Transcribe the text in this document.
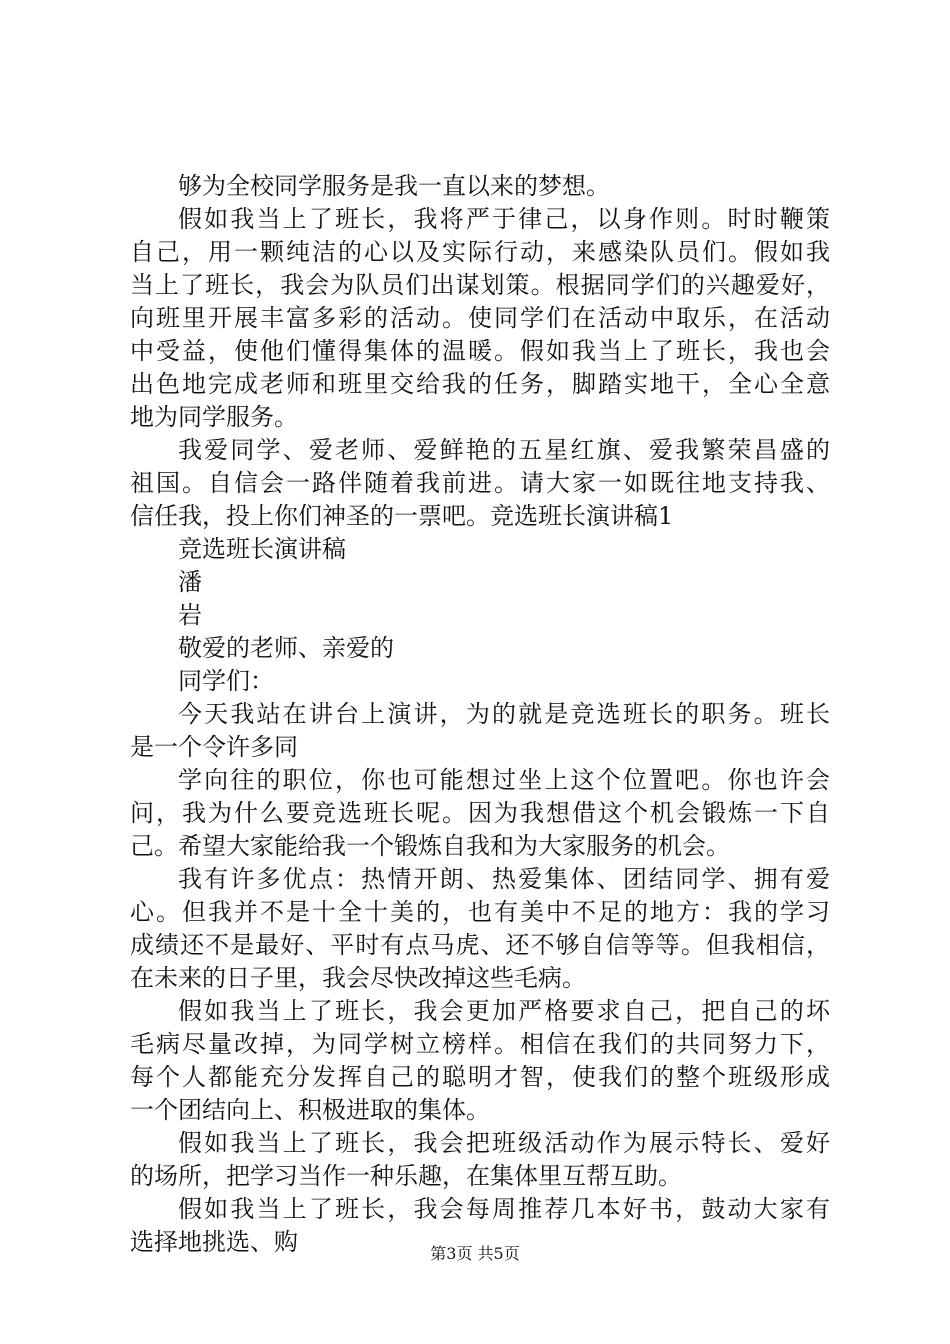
够为全校同学服务是我一直以来的梦想。
假如我当上了班长，我将严于律己，以身作则。时时鞭策
自己，用一颗纯洁的心以及实际行动，来感染队员们。假如我
当上了班长，我会为队员们出谋划策。根据同学们的兴趣爱好，
向班里开展丰富多彩的活动。使同学们在活动中取乐，在活动
中受益，使他们懂得集体的温暖。假如我当上了班长，我也会
出色地完成老师和班里交给我的任务，脚踏实地干，全心全意
地为同学服务。
我爱同学、爱老师、爱鲜艳的五星红旗、爱我繁荣昌盛的
祖国。自信会一路伴随着我前进。请大家一如既往地支持我、
信任我，投上你们神圣的一票吧。竞选班长演讲稿1
竞选班长演讲稿
潘
岩
敬爱的老师、亲爱的
同学们：
今天我站在讲台上演讲，为的就是竞选班长的职务。班长
是一个令许多同
学向往的职位，你也可能想过坐上这个位置吧。你也许会
问，我为什么要竞选班长呢。因为我想借这个机会锻炼一下自
己。希望大家能给我一个锻炼自我和为大家服务的机会。
我有许多优点：热情开朗、热爱集体、团结同学、拥有爱
心。但我并不是十全十美的，也有美中不足的地方：我的学习
成绩还不是最好、平时有点马虎、还不够自信等等。但我相信，
在未来的日子里，我会尽快改掉这些毛病。
假如我当上了班长，我会更加严格要求自己，把自己的坏
毛病尽量改掉，为同学树立榜样。相信在我们的共同努力下，
每个人都能充分发挥自己的聪明才智，使我们的整个班级形成
一个团结向上、积极进取的集体。
假如我当上了班长，我会把班级活动作为展示特长、爱好
的场所，把学习当作一种乐趣，在集体里互帮互助。
假如我当上了班长，我会每周推荐几本好书，鼓动大家有
选择地挑选、购	第3页 共5页
